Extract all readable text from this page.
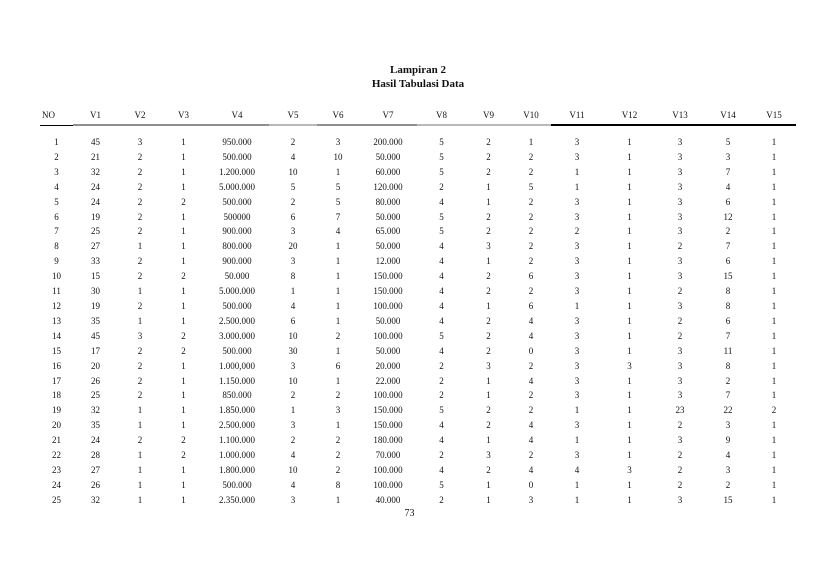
Lampiran 2
Hasil Tabulasi Data
NO	V1	V2	V3	V4	V5	V6	V7	V8	V9	V10	V11	V12	V13	V14	V15
1	45	3	1	950.000	2	3	200.000	5	2	1	3	1	3	5	1
2	21	2	1	500.000	4	10	50.000	5	2	2	3	1	3	3	1
3	32	2	1	1.200.000	10	1	60.000	5	2	2	1	1	3	7	1
4	24	2	1	5.000.000	5	5	120.000	2	1	5	1	1	3	4	1
5	24	2	2	500.000	2	5	80.000	4	1	2	3	1	3	6	1
6	19	2	1	500000	6	7	50.000	5	2	2	3	1	3	12	1
7	25	2	1	900.000	3	4	65.000	5	2	2	2	1	3	2	1
8	27	1	1	800.000	20	1	50.000	4	3	2	3	1	2	7	1
9	33	2	1	900.000	3	1	12.000	4	1	2	3	1	3	6	1
10	15	2	2	50.000	8	1	150.000	4	2	6	3	1	3	15	1
11	30	1	1	5.000.000	1	1	150.000	4	2	2	3	1	2	8	1
12	19	2	1	500.000	4	1	100.000	4	1	6	1	1	3	8	1
13	35	1	1	2.500.000	6	1	50.000	4	2	4	3	1	2	6	1
14	45	3	2	3.000.000	10	2	100.000	5	2	4	3	1	2	7	1
15	17	2	2	500.000	30	1	50.000	4	2	0	3	1	3	11	1
16	20	2	1	1.000,000	3	6	20.000	2	3	2	3	3	3	8	1
17	26	2	1	1.150.000	10	1	22.000	2	1	4	3	1	3	2	1
18	25	2	1	850.000	2	2	100.000	2	1	2	3	1	3	7	1
19	32	1	1	1.850.000	1	3	150.000	5	2	2	1	1	23	22	2
20	35	1	1	2.500.000	3	1	150.000	4	2	4	3	1	2	3	1
21	24	2	2	1.100.000	2	2	180.000	4	1	4	1	1	3	9	1
22	28	1	2	1.000.000	4	2	70.000	2	3	2	3	1	2	4	1
23	27	1	1	1.800.000	10	2	100.000	4	2	4	4	3	2	3	1
24	26	1	1	500.000	4	8	100.000	5	1	0	1	1	2	2	1
25	32	1	1	2.350.000	3	1	40.000	2	1	3	1	1	3	15	1
73
